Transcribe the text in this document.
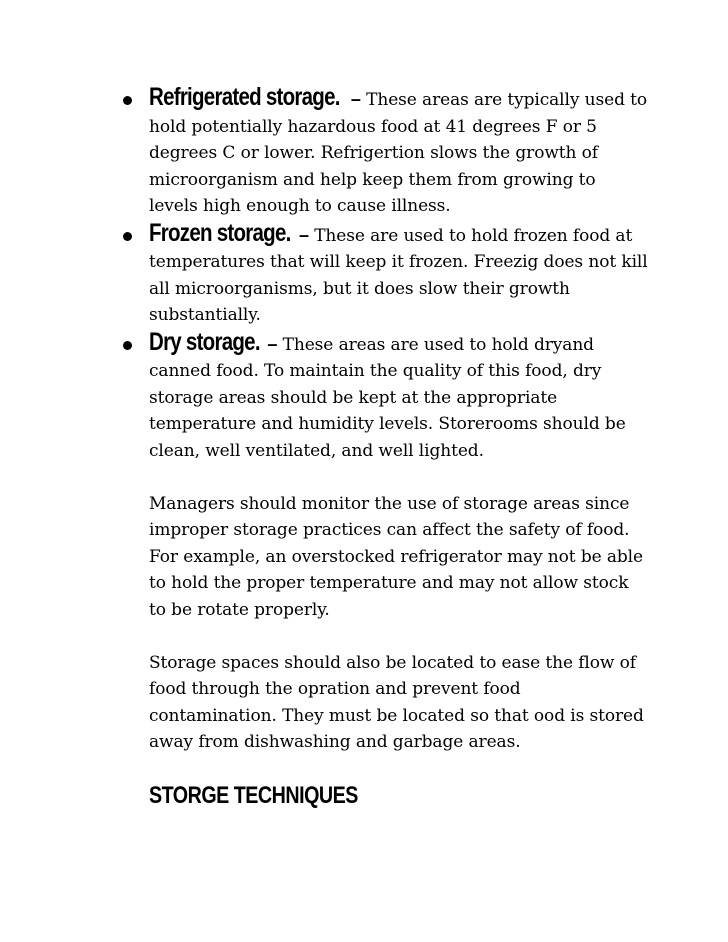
Refrigerated storage. – These areas are typically used to hold potentially hazardous food at 41 degrees F or 5 degrees C or lower. Refrigertion slows the growth of microorganism and help keep them from growing to levels high enough to cause illness.
Frozen storage. – These are used to hold frozen food at temperatures that will keep it frozen. Freezig does not kill all microorganisms, but it does slow their growth substantially.
Dry storage. – These areas are used to hold dryand canned food. To maintain the quality of this food, dry storage areas should be kept at the appropriate temperature and humidity levels. Storerooms should be clean, well ventilated, and well lighted.
Managers should monitor the use of storage areas since improper storage practices can affect the safety of food. For example, an overstocked refrigerator may not be able to hold the proper temperature and may not allow stock to be rotate properly.
Storage spaces should also be located to ease the flow of food through the opration and prevent food contamination. They must be located so that ood is stored away from dishwashing and garbage areas.
STORGE TECHNIQUES
